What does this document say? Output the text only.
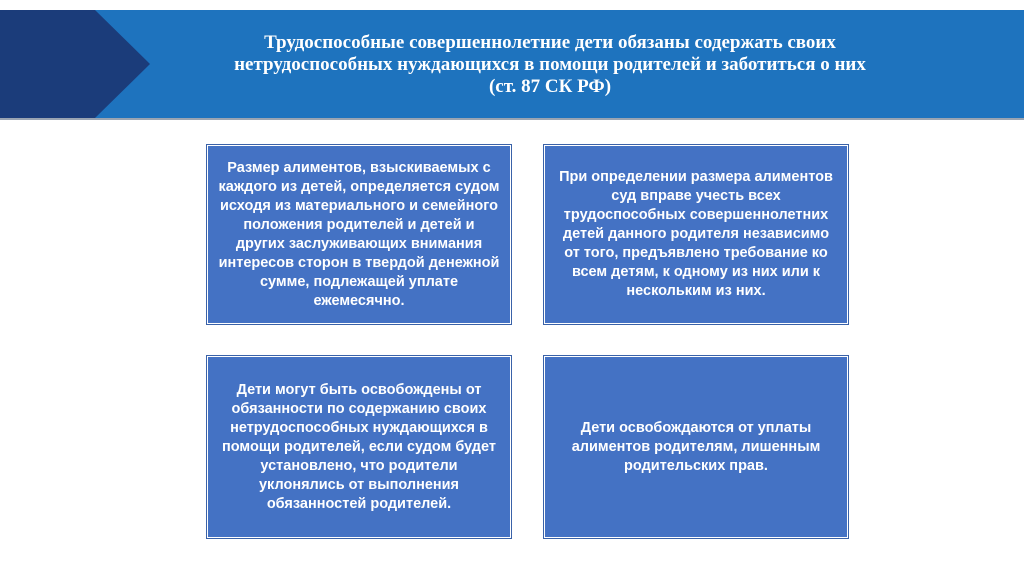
Трудоспособные совершеннолетние дети обязаны содержать своих
нетрудоспособных нуждающихся в помощи родителей и заботиться о них
(ст. 87 СК РФ)
Размер алиментов, взыскиваемых с каждого из детей, определяется судом исходя из материального и семейного положения родителей и детей и других заслуживающих внимания интересов сторон в твердой денежной сумме, подлежащей уплате ежемесячно.
При определении размера алиментов суд вправе учесть всех трудоспособных совершеннолетних детей данного родителя независимо от того, предъявлено требование ко всем детям, к одному из них или к нескольким из них.
Дети могут быть освобождены от обязанности по содержанию своих нетрудоспособных нуждающихся в помощи родителей, если судом будет установлено, что родители уклонялись от выполнения обязанностей родителей.
Дети освобождаются от уплаты алиментов родителям, лишенным родительских прав.
